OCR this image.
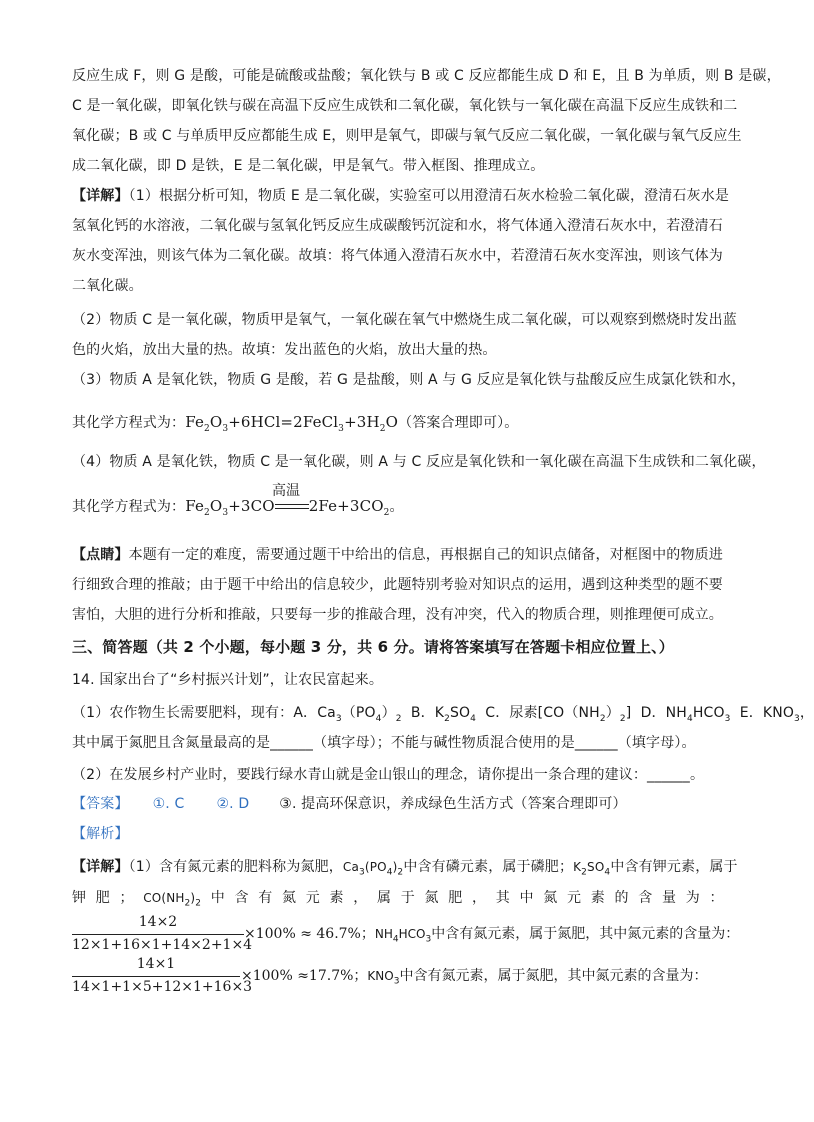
反应生成 F，则 G 是酸，可能是硫酸或盐酸；氧化铁与 B 或 C 反应都能生成 D 和 E，且 B 为单质，则 B 是碳，
C 是一氧化碳，即氧化铁与碳在高温下反应生成铁和二氧化碳，氧化铁与一氧化碳在高温下反应生成铁和二
氧化碳；B 或 C 与单质甲反应都能生成 E，则甲是氧气，即碳与氧气反应二氧化碳，一氧化碳与氧气反应生
成二氧化碳，即 D 是铁，E 是二氧化碳，甲是氧气。带入框图、推理成立。
【详解】（1）根据分析可知，物质 E 是二氧化碳，实验室可以用澄清石灰水检验二氧化碳，澄清石灰水是
氢氧化钙的水溶液，二氧化碳与氢氧化钙反应生成碳酸钙沉淀和水，将气体通入澄清石灰水中，若澄清石
灰水变浑浊，则该气体为二氧化碳。故填：将气体通入澄清石灰水中，若澄清石灰水变浑浊，则该气体为
二氧化碳。
（2）物质 C 是一氧化碳，物质甲是氧气，一氧化碳在氧气中燃烧生成二氧化碳，可以观察到燃烧时发出蓝
色的火焰，放出大量的热。故填：发出蓝色的火焰，放出大量的热。
（3）物质 A 是氧化铁，物质 G 是酸，若 G 是盐酸，则 A 与 G 反应是氧化铁与盐酸反应生成氯化铁和水，
其化学方程式为：$Fe_2O_3+6HCl=2FeCl_3+3H_2O$（答案合理即可）。
（4）物质 A 是氧化铁，物质 C 是一氧化碳，则 A 与 C 反应是氧化铁和一氧化碳在高温下生成铁和二氧化碳，
其化学方程式为：$Fe_2O_3+3CO$ $2Fe+3CO_2$。
高温
【点睛】本题有一定的难度，需要通过题干中给出的信息，再根据自己的知识点储备，对框图中的物质进
行细致合理的推敲；由于题干中给出的信息较少，此题特别考验对知识点的运用，遇到这种类型的题不要
害怕，大胆的进行分析和推敲，只要每一步的推敲合理，没有冲突，代入的物质合理，则推理便可成立。
三、简答题（共 2 个小题，每小题 3 分，共 6 分。请将答案填写在答题卡相应位置上、）
14. 国家出台了“乡村振兴计划”，让农民富起来。
（1）农作物生长需要肥料，现有：A．$Ca_3(PO_4)_2$ B．$K_2SO_4$ C．尿素$[CO(NH_2)_2]$ D．$NH_4HCO_3$ E．$KNO_3$，
其中属于氮肥且含氮量最高的是______（填字母）；不能与碱性物质混合使用的是______（填字母）。
（2）在发展乡村产业时，要践行绿水青山就是金山银山的理念，请你提出一条合理的建议：______。
【答案】 ①. C ②. D ③. 提高环保意识，养成绿色生活方式（答案合理即可）
【解析】
【详解】（1）含有氮元素的肥料称为氮肥，$Ca_3(PO_4)_2$中含有磷元素，属于磷肥；$K_2SO_4$中含有钾元素，属于
钾 肥 ； $CO(NH_2)_2$ 中 含 有 氮 元 素 ， 属 于 氮 肥 ， 其 中 氮 元 素 的 含 量 为 ：
14×2
12×1+16×1+14×2+1×4
×100% ≈ 46.7%；$NH_4HCO_3$中含有氮元素，属于氮肥，其中氮元素的含量为：
14×1
14×1+1×5+12×1+16×3
×100% ≈17.7%；$KNO_3$中含有氮元素，属于氮肥，其中氮元素的含量为：
